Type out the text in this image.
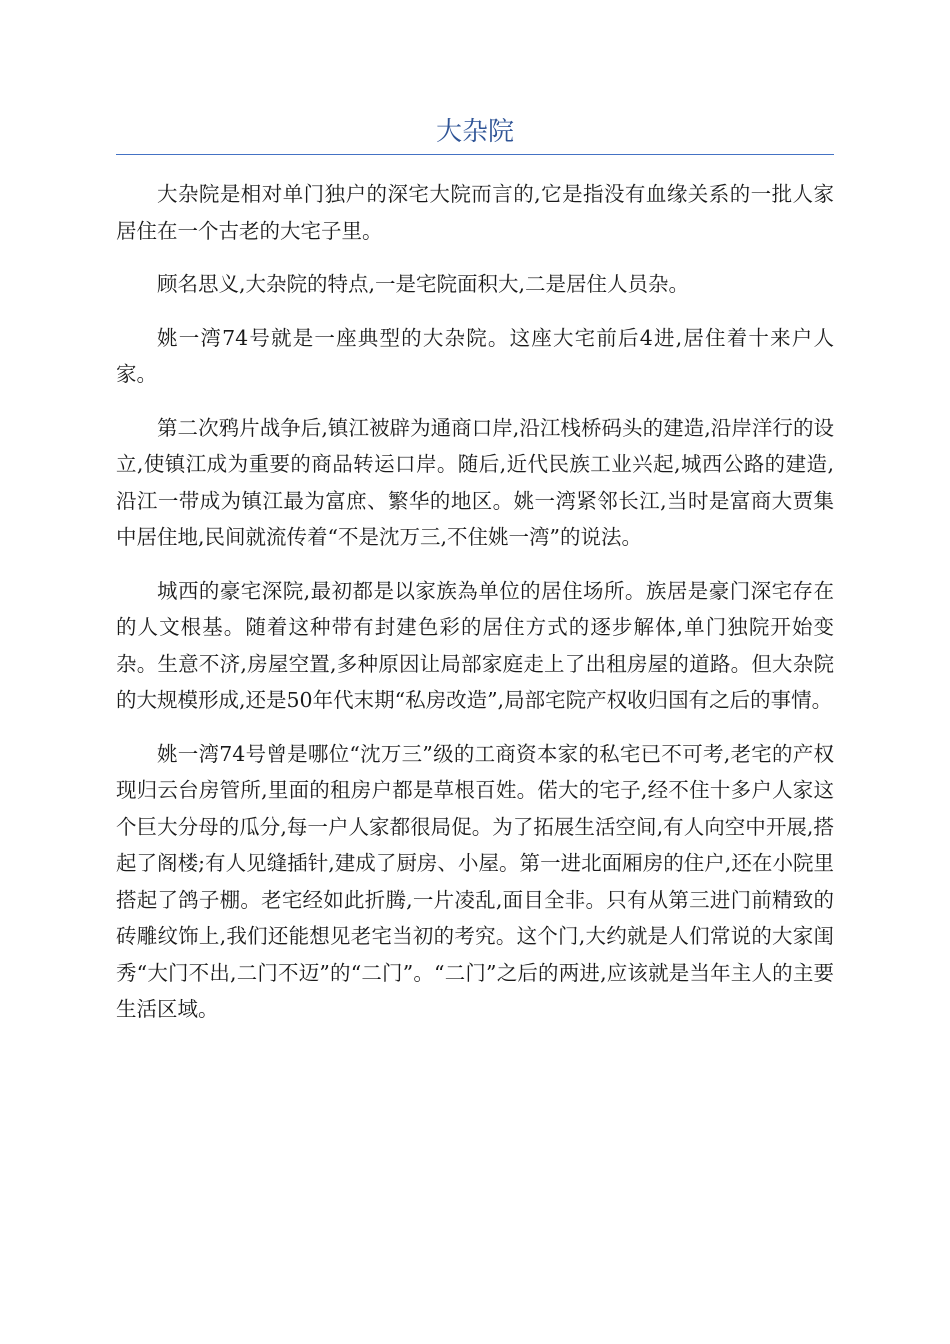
大杂院

大杂院是相对单门独户的深宅大院而言的,它是指没有血缘关系的一批人家居住在一个古老的大宅子里。

顾名思义,大杂院的特点,一是宅院面积大,二是居住人员杂。

姚一湾74号就是一座典型的大杂院。这座大宅前后4进,居住着十来户人家。

第二次鸦片战争后,镇江被辟为通商口岸,沿江栈桥码头的建造,沿岸洋行的设立,使镇江成为重要的商品转运口岸。随后,近代民族工业兴起,城西公路的建造,沿江一带成为镇江最为富庶、繁华的地区。姚一湾紧邻长江,当时是富商大贾集中居住地,民间就流传着“不是沈万三,不住姚一湾”的说法。

城西的豪宅深院,最初都是以家族為单位的居住场所。族居是豪门深宅存在的人文根基。随着这种带有封建色彩的居住方式的逐步解体,单门独院开始变杂。生意不济,房屋空置,多种原因让局部家庭走上了出租房屋的道路。但大杂院的大规模形成,还是50年代末期“私房改造”,局部宅院产权收归国有之后的事情。

姚一湾74号曾是哪位“沈万三”级的工商资本家的私宅已不可考,老宅的产权现归云台房管所,里面的租房户都是草根百姓。偌大的宅子,经不住十多户人家这个巨大分母的瓜分,每一户人家都很局促。为了拓展生活空间,有人向空中开展,搭起了阁楼;有人见缝插针,建成了厨房、小屋。第一进北面厢房的住户,还在小院里搭起了鸽子棚。老宅经如此折腾,一片凌乱,面目全非。只有从第三进门前精致的砖雕纹饰上,我们还能想见老宅当初的考究。这个门,大约就是人们常说的大家闺秀“大门不出,二门不迈”的“二门”。“二门”之后的两进,应该就是当年主人的主要生活区域。
